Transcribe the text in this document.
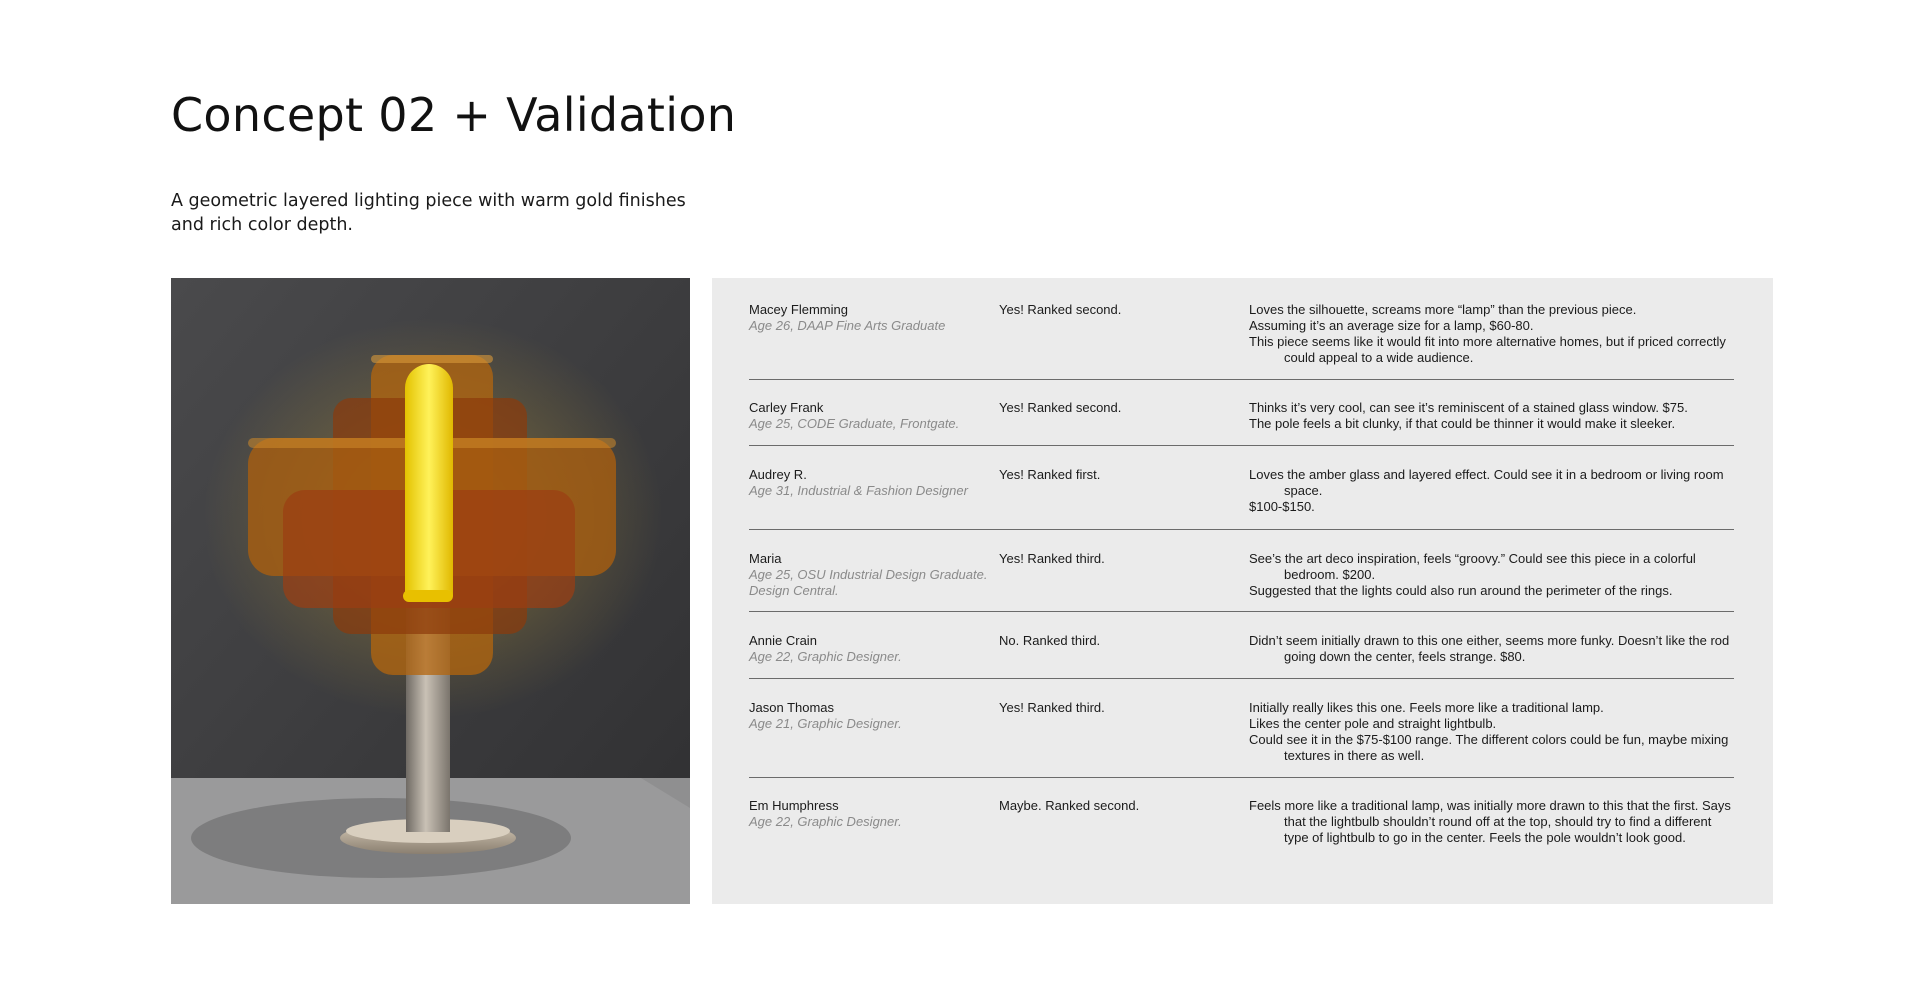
Concept 02 + Validation

A geometric layered lighting piece with warm gold finishes and rich color depth.

Macey Flemming
Age 26, DAAP Fine Arts Graduate
Yes! Ranked second.	Loves the silhouette, screams more “lamp” than the previous piece.
Assuming it’s an average size for a lamp, $60-80.
This piece seems like it would fit into more alternative homes, but if priced correctly could appeal to a wide audience.
Carley Frank
Age 25, CODE Graduate, Frontgate.
Yes! Ranked second.	Thinks it’s very cool, can see it’s reminiscent of a stained glass window. $75.
The pole feels a bit clunky, if that could be thinner it would make it sleeker.
Audrey R.
Age 31, Industrial & Fashion Designer
Yes! Ranked first.	Loves the amber glass and layered effect. Could see it in a bedroom or living room space.
$100-$150.
Maria
Age 25, OSU Industrial Design Graduate. Design Central.
Yes! Ranked third.	See’s the art deco inspiration, feels “groovy.” Could see this piece in a colorful bedroom. $200.
Suggested that the lights could also run around the perimeter of the rings.
Annie Crain
Age 22, Graphic Designer.
No. Ranked third.	Didn’t seem initially drawn to this one either, seems more funky. Doesn’t like the rod going down the center, feels strange. $80.
Jason Thomas
Age 21, Graphic Designer.
Yes! Ranked third.	Initially really likes this one. Feels more like a traditional lamp.
Likes the center pole and straight lightbulb.
Could see it in the $75-$100 range. The different colors could be fun, maybe mixing textures in there as well.
Em Humphress
Age 22, Graphic Designer.
Maybe. Ranked second.	Feels more like a traditional lamp, was initially more drawn to this that the first. Says that the lightbulb shouldn’t round off at the top, should try to find a different type of lightbulb to go in the center. Feels the pole wouldn’t look good.
